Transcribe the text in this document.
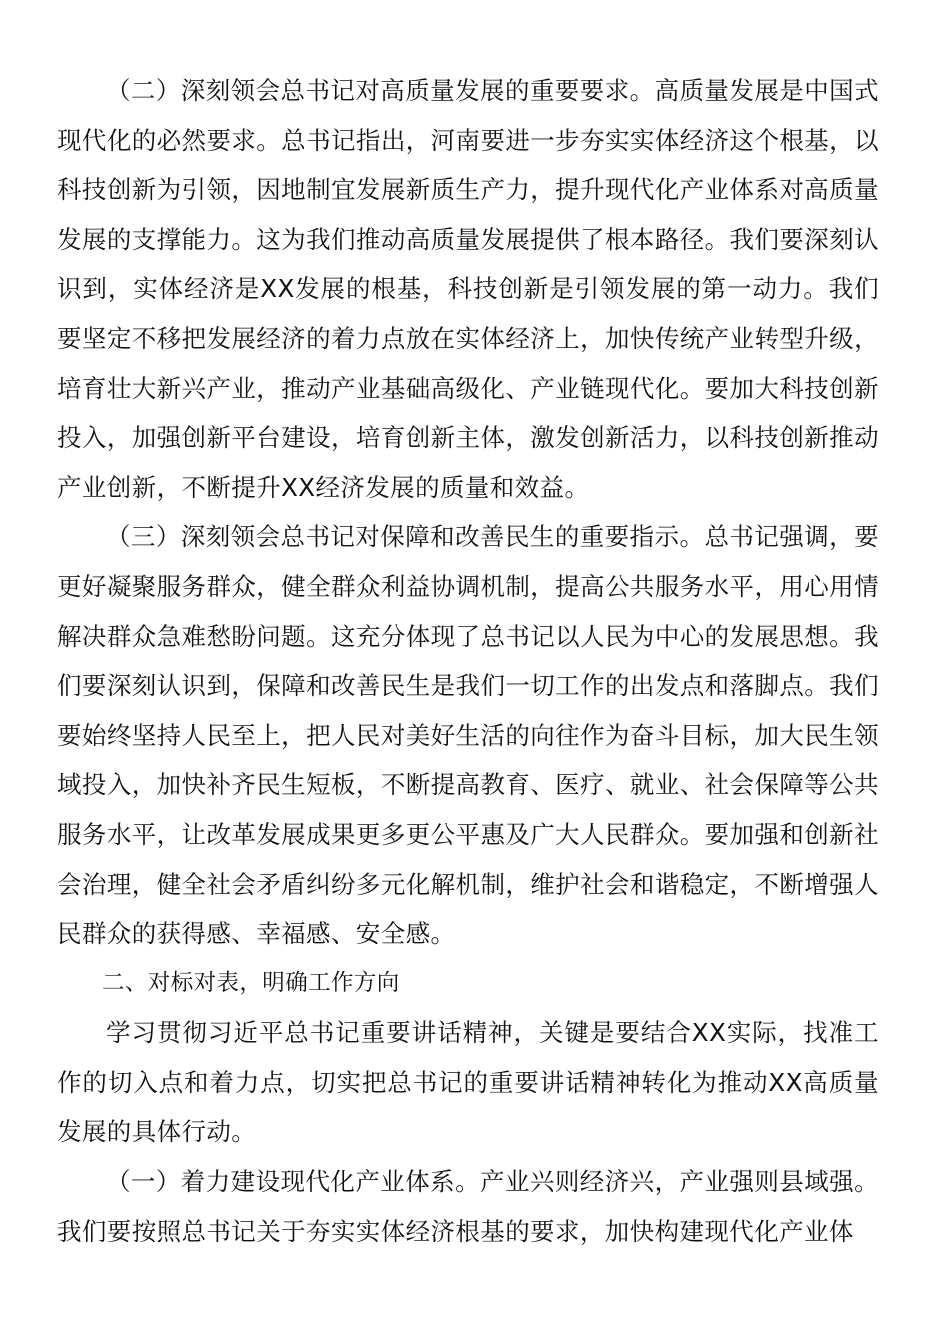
（二）深刻领会总书记对高质量发展的重要要求。高质量发展是中国式现代化的必然要求。总书记指出，河南要进一步夯实实体经济这个根基，以科技创新为引领，因地制宜发展新质生产力，提升现代化产业体系对高质量发展的支撑能力。这为我们推动高质量发展提供了根本路径。我们要深刻认识到，实体经济是XX发展的根基，科技创新是引领发展的第一动力。我们要坚定不移把发展经济的着力点放在实体经济上，加快传统产业转型升级，培育壮大新兴产业，推动产业基础高级化、产业链现代化。要加大科技创新投入，加强创新平台建设，培育创新主体，激发创新活力，以科技创新推动产业创新，不断提升XX经济发展的质量和效益。

（三）深刻领会总书记对保障和改善民生的重要指示。总书记强调，要更好凝聚服务群众，健全群众利益协调机制，提高公共服务水平，用心用情解决群众急难愁盼问题。这充分体现了总书记以人民为中心的发展思想。我们要深刻认识到，保障和改善民生是我们一切工作的出发点和落脚点。我们要始终坚持人民至上，把人民对美好生活的向往作为奋斗目标，加大民生领域投入，加快补齐民生短板，不断提高教育、医疗、就业、社会保障等公共服务水平，让改革发展成果更多更公平惠及广大人民群众。要加强和创新社会治理，健全社会矛盾纠纷多元化解机制，维护社会和谐稳定，不断增强人民群众的获得感、幸福感、安全感。

二、对标对表，明确工作方向

学习贯彻习近平总书记重要讲话精神，关键是要结合XX实际，找准工作的切入点和着力点，切实把总书记的重要讲话精神转化为推动XX高质量发展的具体行动。

（一）着力建设现代化产业体系。产业兴则经济兴，产业强则县域强。我们要按照总书记关于夯实实体经济根基的要求，加快构建现代化产业体
